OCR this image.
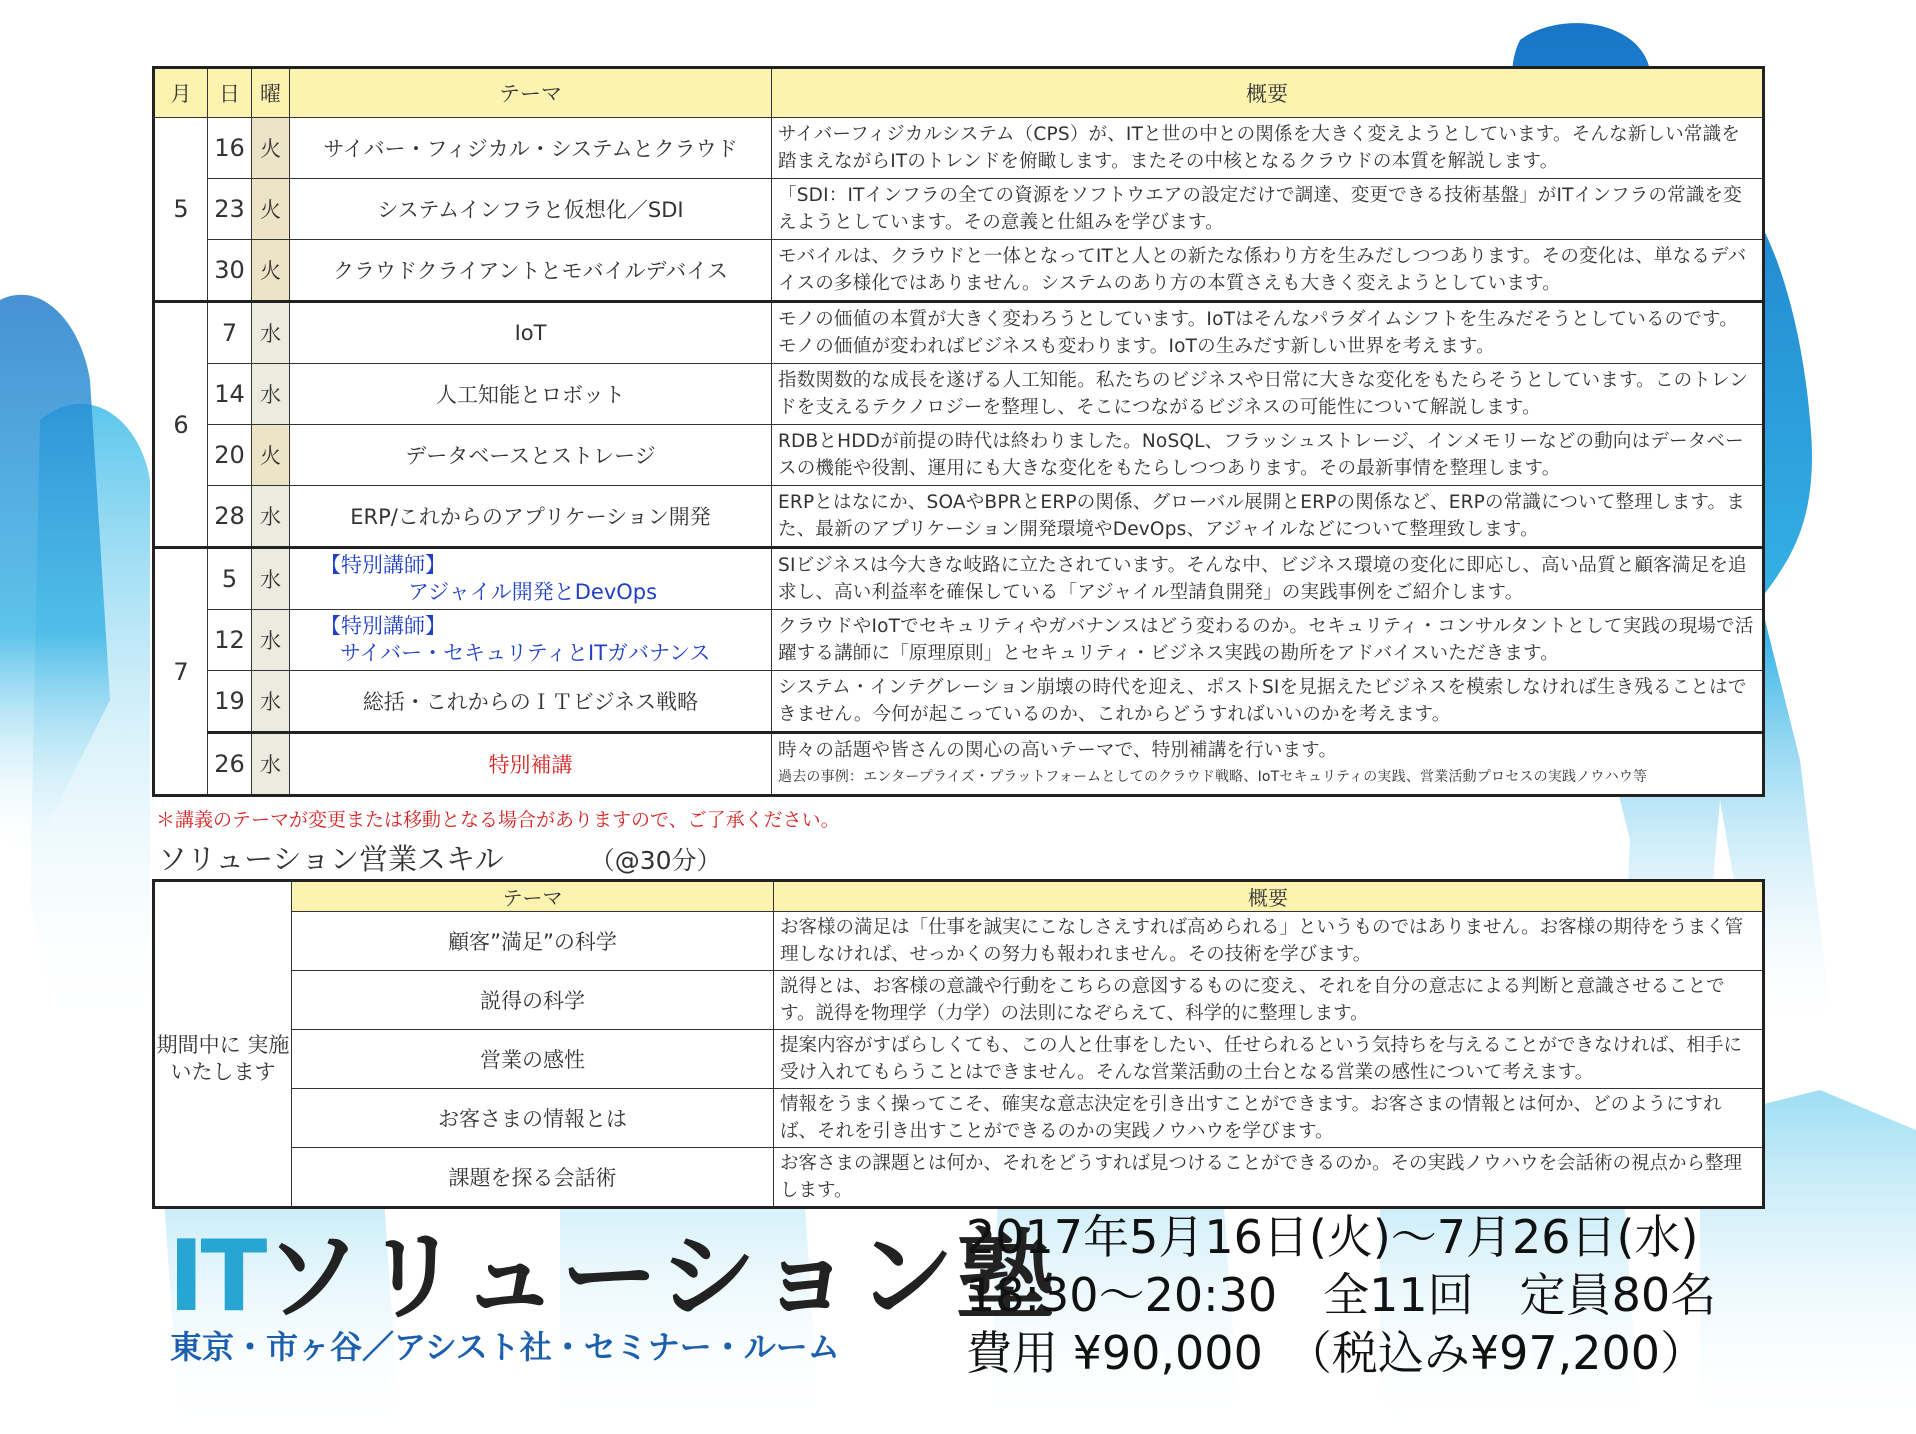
月	日	曜	テーマ	概要
5	16	火	サイバー・フィジカル・システムとクラウド	サイバーフィジカルシステム（CPS）が、ITと世の中との関係を大きく変えようとしています。そんな新しい常識を踏まえながらITのトレンドを俯瞰します。またその中核となるクラウドの本質を解説します。
	23	火	システムインフラと仮想化／SDI	「SDI：ITインフラの全ての資源をソフトウエアの設定だけで調達、変更できる技術基盤」がITインフラの常識を変えようとしています。その意義と仕組みを学びます。
	30	火	クラウドクライアントとモバイルデバイス	モバイルは、クラウドと一体となってITと人との新たな係わり方を生みだしつつあります。その変化は、単なるデバイスの多様化ではありません。システムのあり方の本質さえも大きく変えようとしています。
6	7	水	IoT	モノの価値の本質が大きく変わろうとしています。IoTはそんなパラダイムシフトを生みだそうとしているのです。モノの価値が変わればビジネスも変わります。IoTの生みだす新しい世界を考えます。
	14	水	人工知能とロボット	指数関数的な成長を遂げる人工知能。私たちのビジネスや日常に大きな変化をもたらそうとしています。このトレンドを支えるテクノロジーを整理し、そこにつながるビジネスの可能性について解説します。
	20	火	データベースとストレージ	RDBとHDDが前提の時代は終わりました。NoSQL、フラッシュストレージ、インメモリーなどの動向はデータベースの機能や役割、運用にも大きな変化をもたらしつつあります。その最新事情を整理します。
	28	水	ERP/これからのアプリケーション開発	ERPとはなにか、SOAやBPRとERPの関係、グローバル展開とERPの関係など、ERPの常識について整理します。また、最新のアプリケーション開発環境やDevOps、アジャイルなどについて整理致します。
7	5	水	【特別講師】
アジャイル開発とDevOps	SIビジネスは今大きな岐路に立たされています。そんな中、ビジネス環境の変化に即応し、高い品質と顧客満足を追求し、高い利益率を確保している「アジャイル型請負開発」の実践事例をご紹介します。
	12	水	【特別講師】
サイバー・セキュリティとITガバナンス	クラウドやIoTでセキュリティやガバナンスはどう変わるのか。セキュリティ・コンサルタントとして実践の現場で活躍する講師に「原理原則」とセキュリティ・ビジネス実践の勘所をアドバイスいただきます。
	19	水	総括・これからのＩＴビジネス戦略	システム・インテグレーション崩壊の時代を迎え、ポストSIを見据えたビジネスを模索しなければ生き残ることはできません。今何が起こっているのか、これからどうすればいいのかを考えます。
	26	水	特別補講	時々の話題や皆さんの関心の高いテーマで、特別補講を行います。
過去の事例：エンタープライズ・プラットフォームとしてのクラウド戦略、IoTセキュリティの実践、営業活動プロセスの実践ノウハウ等
＊講義のテーマが変更または移動となる場合がありますので、ご了承ください。
ソリューション営業スキル	（@30分）
	テーマ	概要
期間中に 実施 いたします	顧客”満足”の科学	お客様の満足は「仕事を誠実にこなしさえすれば高められる」というものではありません。お客様の期待をうまく管理しなければ、せっかくの努力も報われません。その技術を学びます。
	説得の科学	説得とは、お客様の意識や行動をこちらの意図するものに変え、それを自分の意志による判断と意識させることです。説得を物理学（力学）の法則になぞらえて、科学的に整理します。
	営業の感性	提案内容がすばらしくても、この人と仕事をしたい、任せられるという気持ちを与えることができなければ、相手に受け入れてもらうことはできません。そんな営業活動の土台となる営業の感性について考えます。
	お客さまの情報とは	情報をうまく操ってこそ、確実な意志決定を引き出すことができます。お客さまの情報とは何か、どのようにすれば、それを引き出すことができるのかの実践ノウハウを学びます。
	課題を探る会話術	お客さまの課題とは何か、それをどうすれば見つけることができるのか。その実践ノウハウを会話術の視点から整理します。
ITソリューション塾
東京・市ヶ谷／アシスト社・セミナー・ルーム
2017年5月16日(火)〜7月26日(水)
18:30〜20:30　全11回　定員80名
費用 ¥90,000　（税込み¥97,200）
